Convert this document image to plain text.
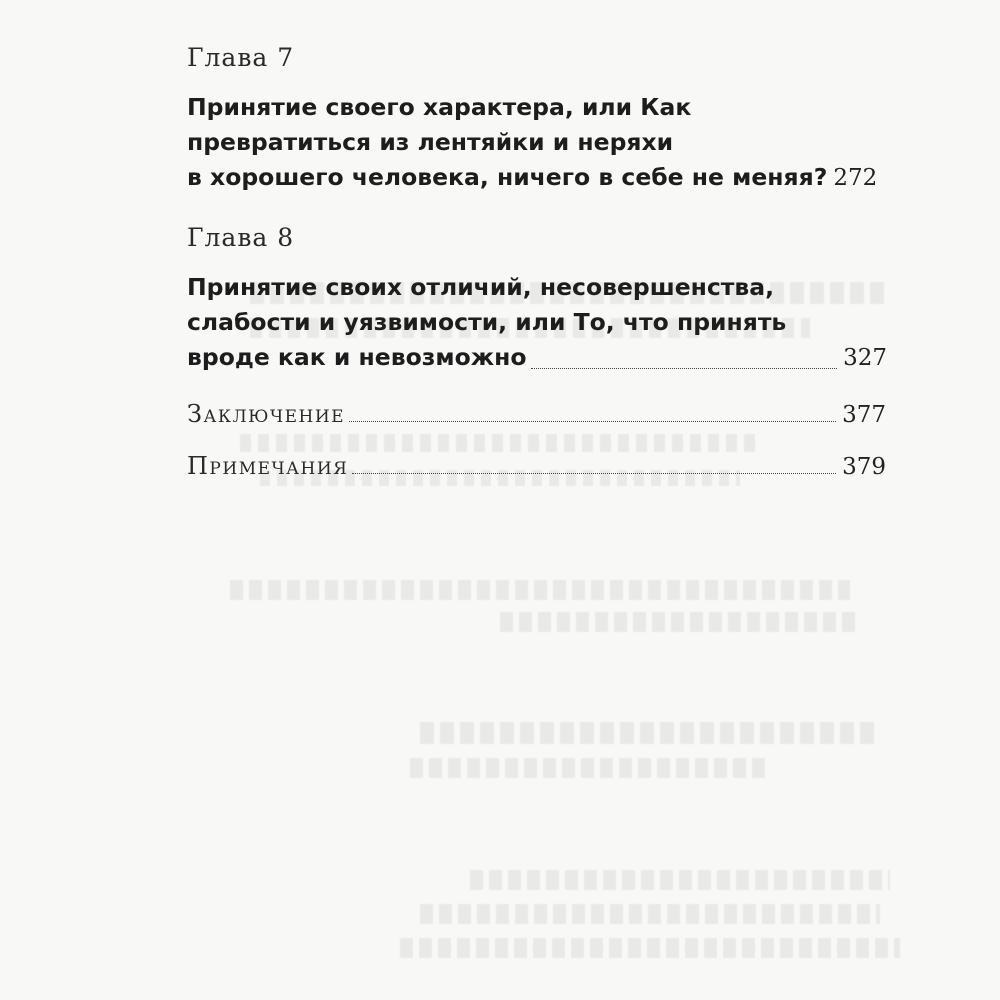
Глава 7
Принятие своего характера, или Как
превратиться из лентяйки и неряхи
в хорошего человека, ничего в себе не меняя? 272
Глава 8
Принятие своих отличий, несовершенства,
слабости и уязвимости, или То, что принять
вроде как и невозможно	327
Заключение	377
Примечания	379
